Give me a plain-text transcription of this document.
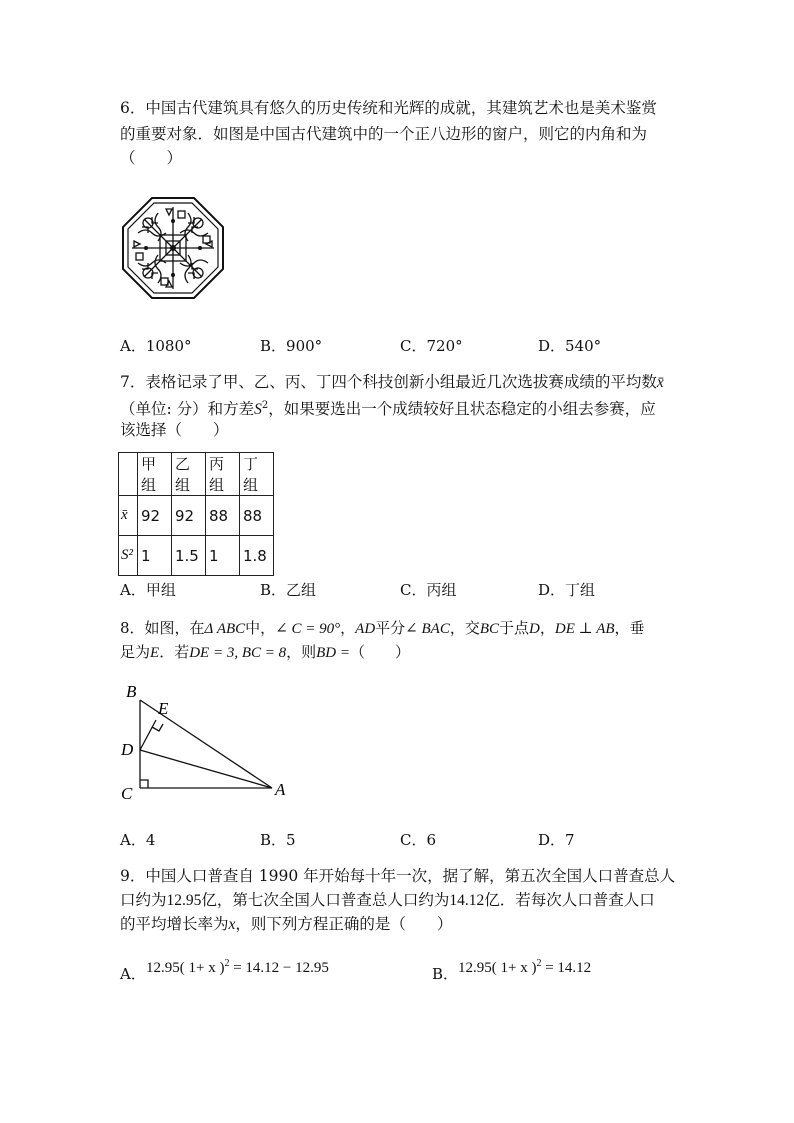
6．中国古代建筑具有悠久的历史传统和光辉的成就，其建筑艺术也是美术鉴赏
的重要对象．如图是中国古代建筑中的一个正八边形的窗户，则它的内角和为
（　　）
A．1080°	B．900°	C．720°	D．540°
7．表格记录了甲、乙、丙、丁四个科技创新小组最近几次选拔赛成绩的平均数x̄
（单位: 分）和方差$S^2$，如果要选出一个成绩较好且状态稳定的小组去参赛，应
该选择（　　）
	甲组	乙组	丙组	丁组
x̄	92	92	88	88
S²	1	1.5	1	1.8
A．甲组	B．乙组	C．丙组	D．丁组
8．如图，在Δ ABC中，∠ C = 90°，AD平分∠ BAC，交BC于点D，DE ⊥ AB，垂
足为E．若DE = 3, BC = 8，则BD =（　　）
B
E
D
C	A
A．4	B．5	C．6	D．7
9．中国人口普查自 1990 年开始每十年一次，据了解，第五次全国人口普查总人
口约为12.95亿，第七次全国人口普查总人口约为14.12亿．若每次人口普查人口
的平均增长率为x，则下列方程正确的是（　　）
A． 12.95( 1+ x )$^2$ = 14.12 − 12.95	B． 12.95( 1+ x )$^2$ = 14.12
